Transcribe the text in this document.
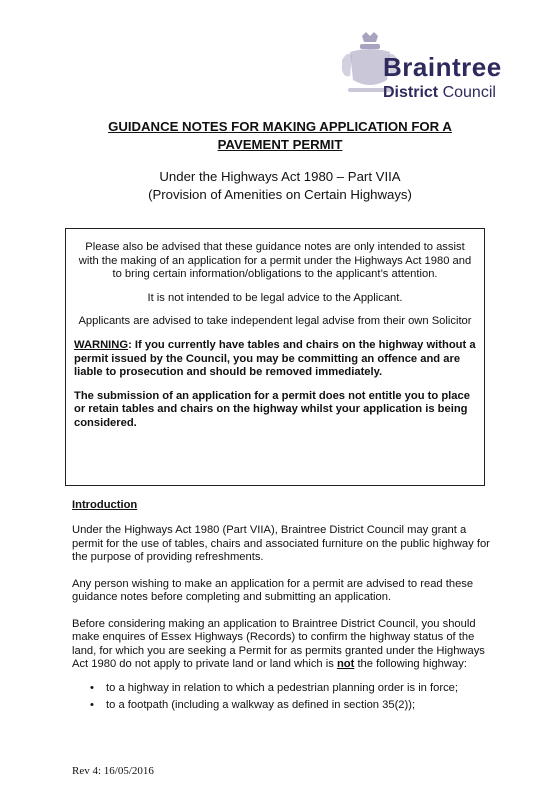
Braintree
District Council
GUIDANCE NOTES FOR MAKING APPLICATION FOR A
PAVEMENT PERMIT
Under the Highways Act 1980 – Part VIIA
(Provision of Amenities on Certain Highways)

Please also be advised that these guidance notes are only intended to assist with the making of an application for a permit under the Highways Act 1980 and to bring certain information/obligations to the applicant’s attention.

It is not intended to be legal advice to the Applicant.

Applicants are advised to take independent legal advise from their own Solicitor

WARNING: If you currently have tables and chairs on the highway without a permit issued by the Council, you may be committing an offence and are liable to prosecution and should be removed immediately.

The submission of an application for a permit does not entitle you to place or retain tables and chairs on the highway whilst your application is being considered.

Introduction

Under the Highways Act 1980 (Part VIIA), Braintree District Council may grant a permit for the use of tables, chairs and associated furniture on the public highway for the purpose of providing refreshments.

Any person wishing to make an application for a permit are advised to read these guidance notes before completing and submitting an application.

Before considering making an application to Braintree District Council, you should make enquires of Essex Highways (Records) to confirm the highway status of the land, for which you are seeking a Permit for as permits granted under the Highways Act 1980 do not apply to private land or land which is not the following highway:

• to a highway in relation to which a pedestrian planning order is in force;
• to a footpath (including a walkway as defined in section 35(2));
Rev 4: 16/05/2016
